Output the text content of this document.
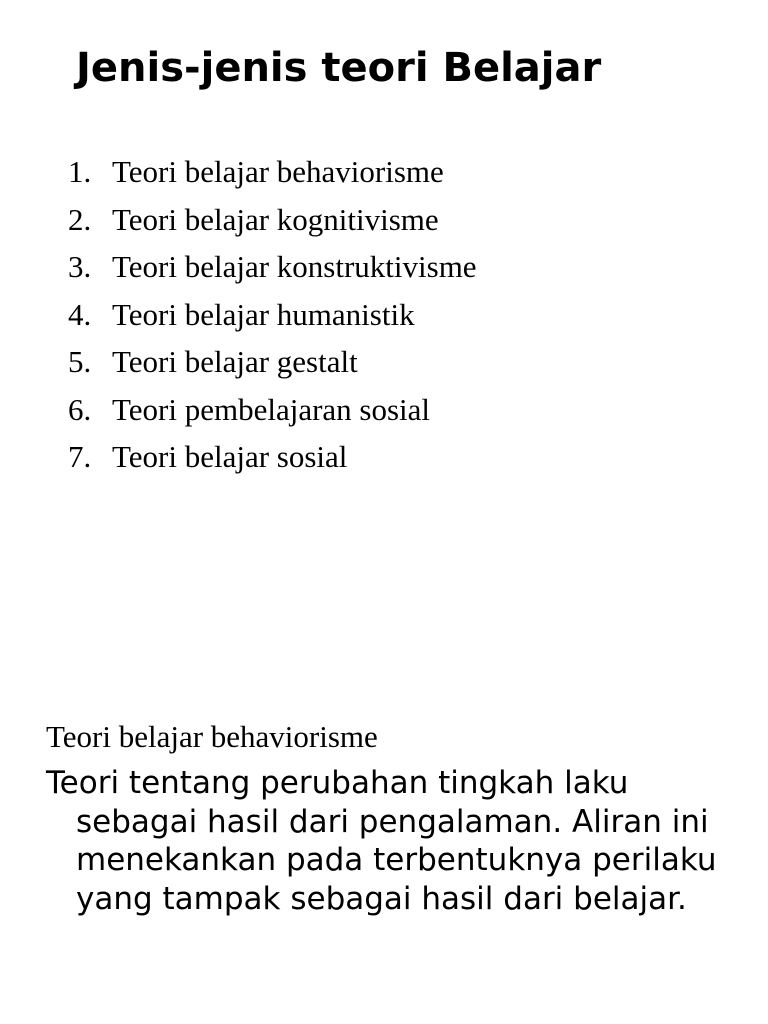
Jenis-jenis teori Belajar
1. Teori belajar behaviorisme
2. Teori belajar kognitivisme
3. Teori belajar konstruktivisme
4. Teori belajar humanistik
5. Teori belajar gestalt
6. Teori pembelajaran sosial
7. Teori belajar sosial
Teori belajar behaviorisme

Teori tentang perubahan tingkah laku sebagai hasil dari pengalaman. Aliran ini menekankan pada terbentuknya perilaku yang tampak sebagai hasil dari belajar.
